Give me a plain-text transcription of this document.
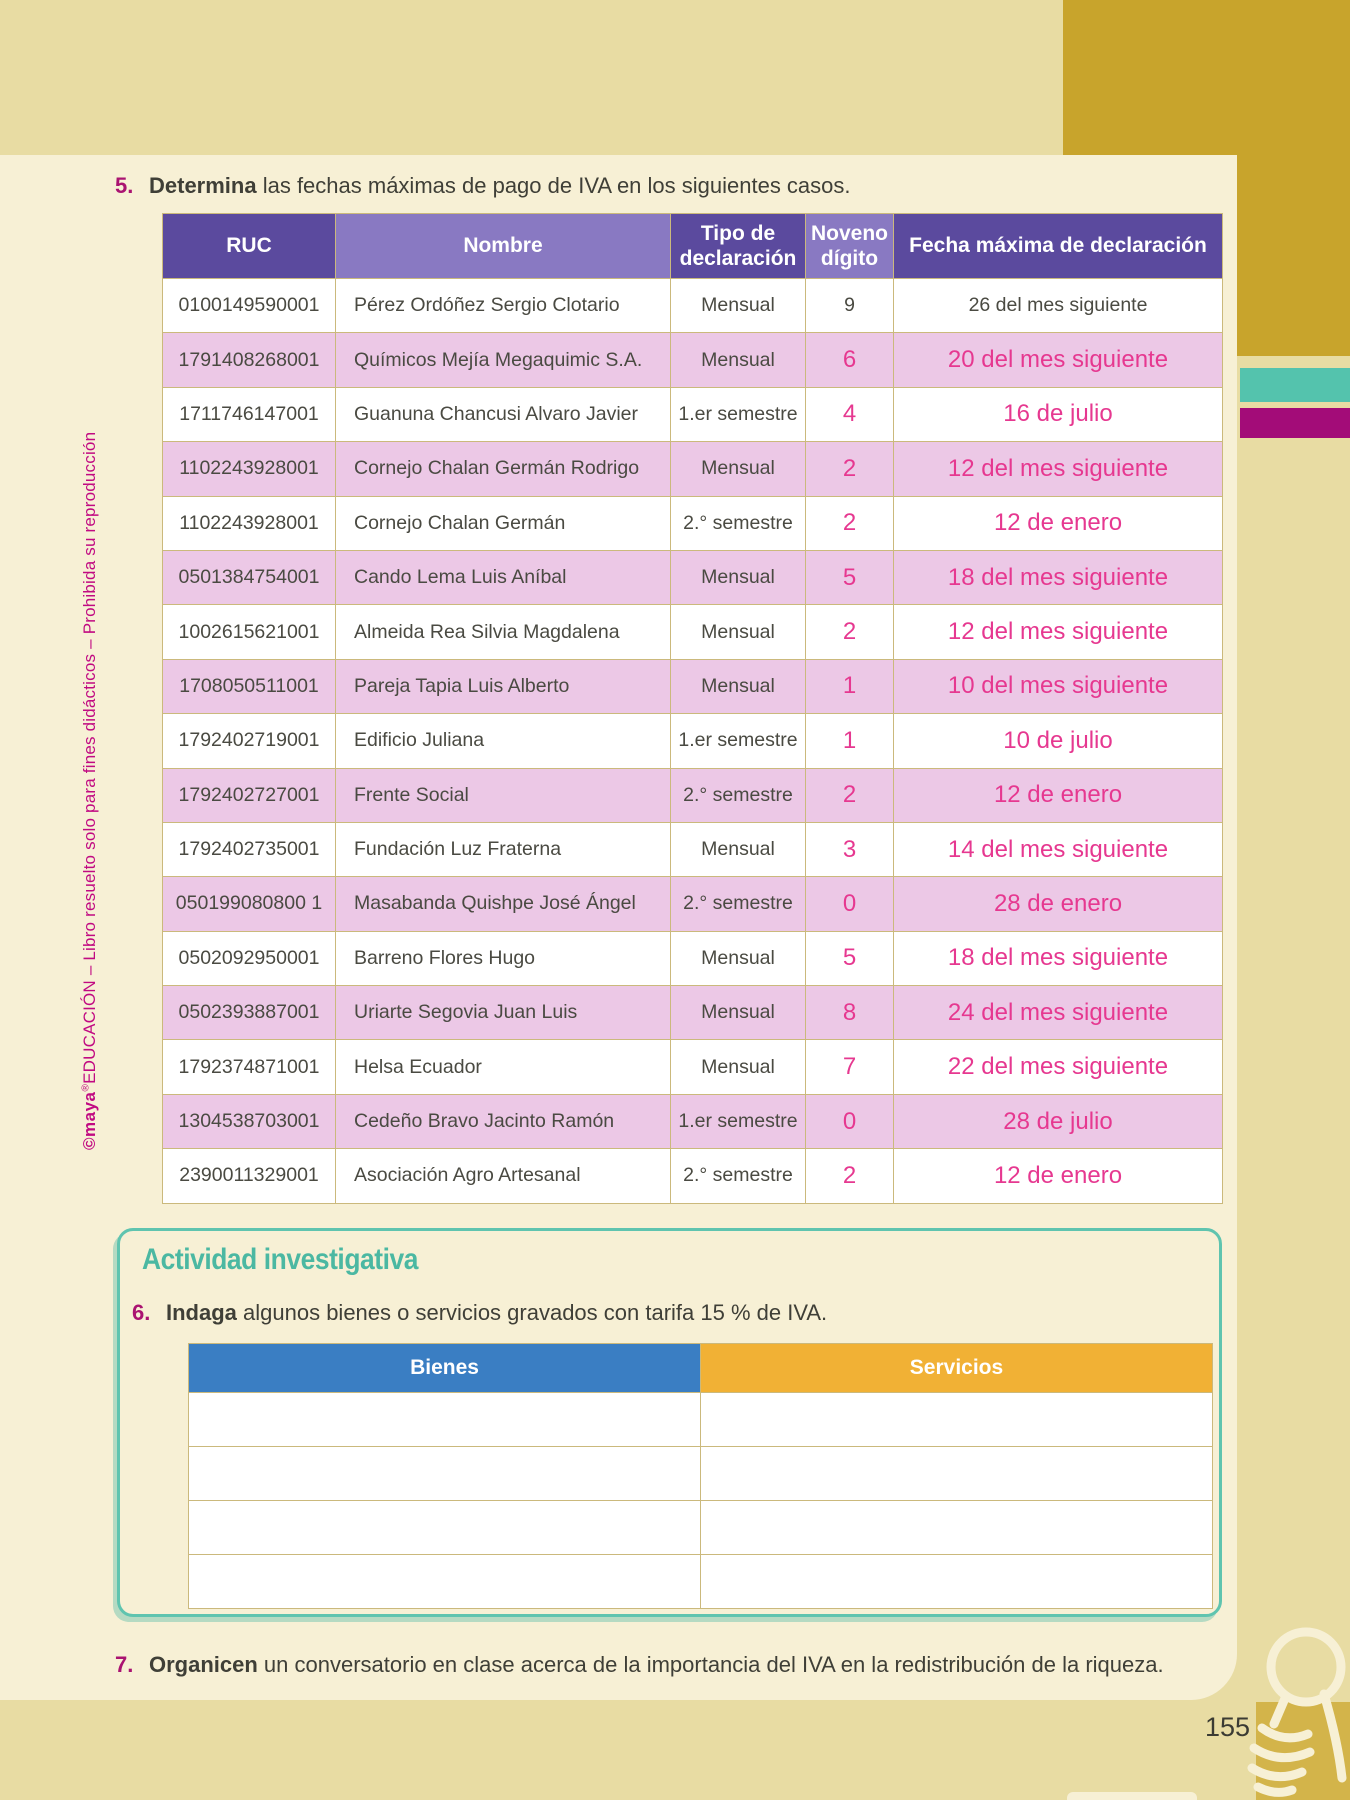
5. Determina las fechas máximas de pago de IVA en los siguientes casos.
RUC	Nombre	Tipo de declaración	Noveno dígito	Fecha máxima de declaración
0100149590001	Pérez Ordóñez Sergio Clotario	Mensual	9	26 del mes siguiente
1791408268001	Químicos Mejía Megaquimic S.A.	Mensual	6	20 del mes siguiente
1711746147001	Guanuna Chancusi Alvaro Javier	1.er semestre	4	16 de julio
1102243928001	Cornejo Chalan Germán Rodrigo	Mensual	2	12 del mes siguiente
1102243928001	Cornejo Chalan Germán	2.° semestre	2	12 de enero
0501384754001	Cando Lema Luis Aníbal	Mensual	5	18 del mes siguiente
1002615621001	Almeida Rea Silvia Magdalena	Mensual	2	12 del mes siguiente
1708050511001	Pareja Tapia Luis Alberto	Mensual	1	10 del mes siguiente
1792402719001	Edificio Juliana	1.er semestre	1	10 de julio
1792402727001	Frente Social	2.° semestre	2	12 de enero
1792402735001	Fundación Luz Fraterna	Mensual	3	14 del mes siguiente
050199080800 1	Masabanda Quishpe José Ángel	2.° semestre	0	28 de enero
0502092950001	Barreno Flores Hugo	Mensual	5	18 del mes siguiente
0502393887001	Uriarte Segovia Juan Luis	Mensual	8	24 del mes siguiente
1792374871001	Helsa Ecuador	Mensual	7	22 del mes siguiente
1304538703001	Cedeño Bravo Jacinto Ramón	1.er semestre	0	28 de julio
2390011329001	Asociación Agro Artesanal	2.° semestre	2	12 de enero
Actividad investigativa
6. Indaga algunos bienes o servicios gravados con tarifa 15 % de IVA.
Bienes	Servicios

7. Organicen un conversatorio en clase acerca de la importancia del IVA en la redistribución de la riqueza.
©maya®EDUCACIÓN – Libro resuelto solo para fines didácticos – Prohibida su reproducción
155
